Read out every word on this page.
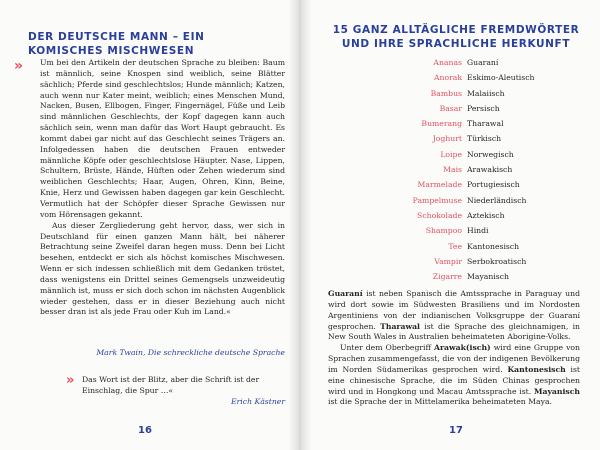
DER DEUTSCHE MANN – EIN KOMISCHES MISCHWESEN
»	Um bei den Artikeln der deutschen Sprache zu bleiben: Baum ist männlich, seine Knospen sind weiblich, seine Blätter sächlich; Pferde sind geschlechtslos; Hunde männlich; Katzen, auch wenn nur Kater meint, weiblich; eines Menschen Mund, Nacken, Busen, Ellbogen, Finger, Fingernägel, Füße und Leib sind männlichen Geschlechts, der Kopf dagegen kann auch sächlich sein, wenn man dafür das Wort Haupt gebraucht. Es kommt dabei gar nicht auf das Geschlecht seines Trägers an. Infolgedessen haben die deutschen Frauen entweder männliche Köpfe oder geschlechtslose Häupter. Nase, Lippen, Schultern, Brüste, Hände, Hüften oder Zehen wiederum sind weiblichen Geschlechts; Haar, Augen, Ohren, Kinn, Beine, Knie, Herz und Gewissen haben dagegen gar kein Geschlecht. Vermutlich hat der Schöpfer dieser Sprache Gewissen nur vom Hörensagen gekannt.

Aus dieser Zergliederung geht hervor, dass, wer sich in Deutschland für einen ganzen Mann hält, bei näherer Betrachtung seine Zweifel daran hegen muss. Denn bei Licht besehen, entdeckt er sich als höchst komisches Mischwesen. Wenn er sich indessen schließlich mit dem Gedanken tröstet, dass wenigstens ein Drittel seines Gemengsels unzweideutig männlich ist, muss er sich doch schon im nächsten Augenblick wieder gestehen, dass er in dieser Beziehung auch nicht besser dran ist als jede Frau oder Kuh im Land.«

Mark Twain, Die schreckliche deutsche Sprache
» Das Wort ist der Blitz, aber die Schrift ist der Einschlag, die Spur …«
Erich Kästner
16
15 GANZ ALLTÄGLICHE FREMDWÖRTER UND IHRE SPRACHLICHE HERKUNFT
Ananas	Guaraní
Anorak	Eskimo-Aleutisch
Bambus	Malaiisch
Basar	Persisch
Bumerang	Tharawal
Joghurt	Türkisch
Loipe	Norwegisch
Mais	Arawakisch
Marmelade	Portugiesisch
Pampelmuse	Niederländisch
Schokolade	Aztekisch
Shampoo	Hindi
Tee	Kantonesisch
Vampir	Serbokroatisch
Zigarre	Mayanisch

Guaraní ist neben Spanisch die Amtssprache in Paraguay und wird dort sowie im Südwesten Brasiliens und im Nordosten Argentiniens von der indianischen Volksgruppe der Guaraní gesprochen. Tharawal ist die Sprache des gleichnamigen, in New South Wales in Australien beheimateten Aborigine-Volks.

Unter dem Oberbegriff Arawak(isch) wird eine Gruppe von Sprachen zusammengefasst, die von der indigenen Bevölkerung im Norden Südamerikas gesprochen wird. Kantonesisch ist eine chinesische Sprache, die im Süden Chinas gesprochen wird und in Hongkong und Macau Amtssprache ist. Mayanisch ist die Sprache der in Mittelamerika beheimateten Maya.

17
